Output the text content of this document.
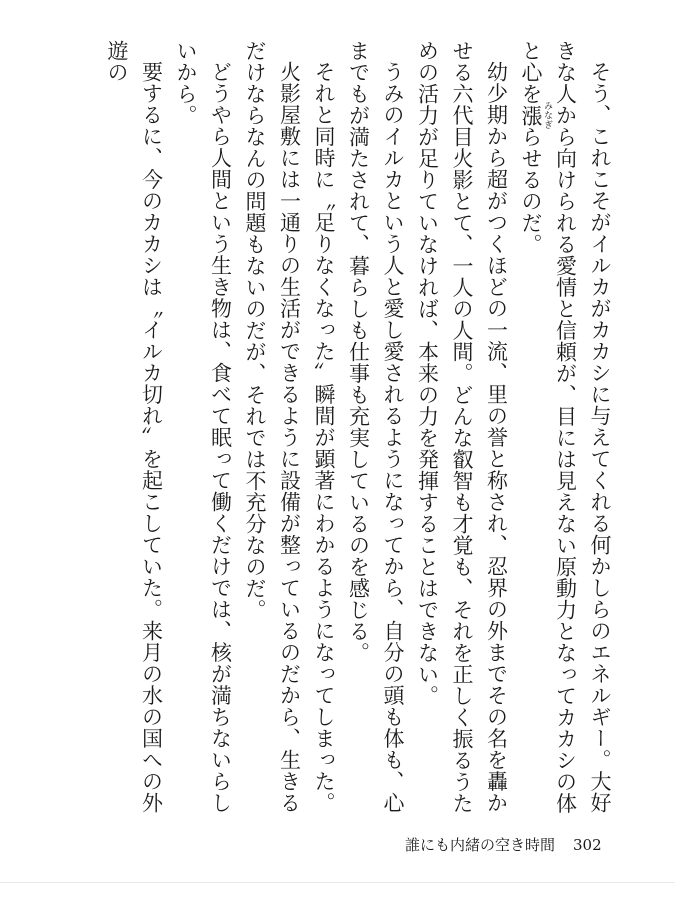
そう、これこそがイルカがカカシに与えてくれる何かしらのエネルギー。大好きな人から向けられる愛情と信頼が、目には見えない原動力となってカカシの体と心を漲 みなぎらせるのだ。
幼少期から超がつくほどの一流、里の誉と称され、忍界の外までその名を轟かせる六代目火影とて、一人の人間。どんな叡智も才覚も、それを正しく振るうための活力が足りていなければ、本来の力を発揮することはできない。
うみのイルカという人と愛し愛されるようになってから、自分の頭も体も、心までもが満たされて、暮らしも仕事も充実しているのを感じる。
それと同時に〝足りなくなった〟瞬間が顕著にわかるようになってしまった。
火影屋敷には一通りの生活ができるように設備が整っているのだから、生きるだけならなんの問題もないのだが、それでは不充分なのだ。
どうやら人間という生き物は、食べて眠って働くだけでは、核が満ちないらしいから。
要するに、今のカカシは〝イルカ切れ〟を起こしていた。来月の水の国への外遊の
誰にも内緒の空き時間 302
